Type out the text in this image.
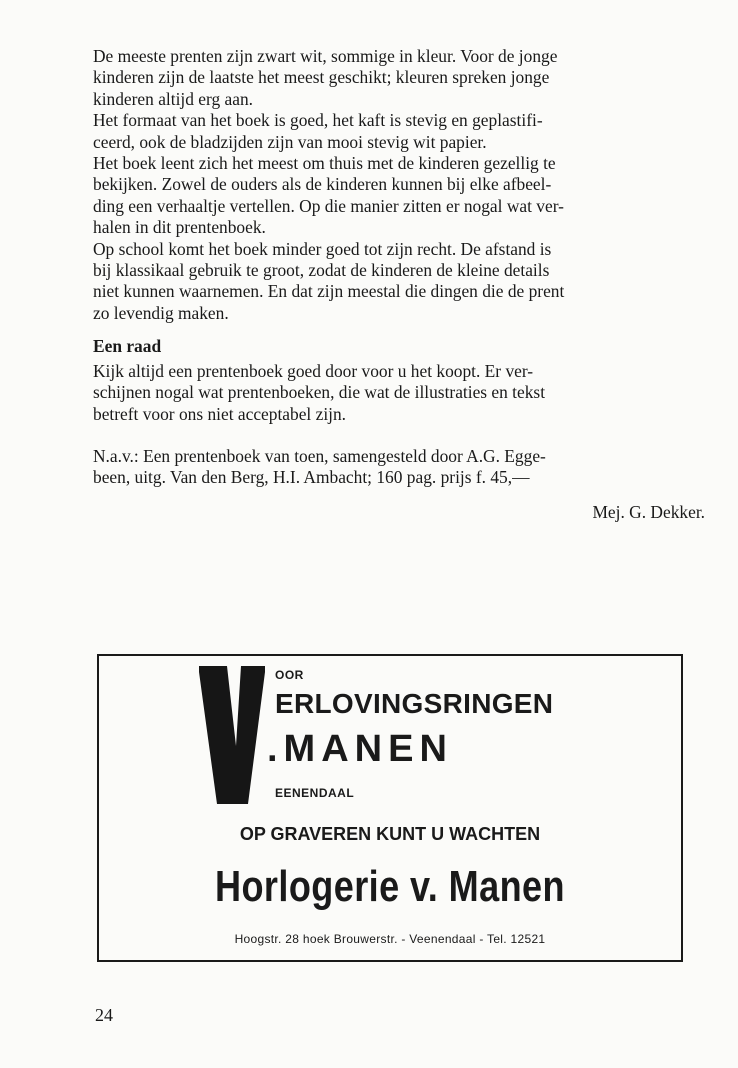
De meeste prenten zijn zwart wit, sommige in kleur. Voor de jonge

kinderen zijn de laatste het meest geschikt; kleuren spreken jonge

kinderen altijd erg aan.

Het formaat van het boek is goed, het kaft is stevig en geplastifi-

ceerd, ook de bladzijden zijn van mooi stevig wit papier.

Het boek leent zich het meest om thuis met de kinderen gezellig te

bekijken. Zowel de ouders als de kinderen kunnen bij elke afbeel-

ding een verhaaltje vertellen. Op die manier zitten er nogal wat ver-

halen in dit prentenboek.

Op school komt het boek minder goed tot zijn recht. De afstand is

bij klassikaal gebruik te groot, zodat de kinderen de kleine details

niet kunnen waarnemen. En dat zijn meestal die dingen die de prent

zo levendig maken.

Een raad

Kijk altijd een prentenboek goed door voor u het koopt. Er ver-

schijnen nogal wat prentenboeken, die wat de illustraties en tekst

betreft voor ons niet acceptabel zijn.

N.a.v.: Een prentenboek van toen, samengesteld door A.G. Egge-

been, uitg. Van den Berg, H.I. Ambacht; 160 pag. prijs f. 45,—

Mej. G. Dekker.

OOR
ERLOVINGSRINGEN
.MANEN
EENENDAAL
OP GRAVEREN KUNT U WACHTEN
Horlogerie v. Manen
Hoogstr. 28 hoek Brouwerstr. - Veenendaal - Tel. 12521
24
